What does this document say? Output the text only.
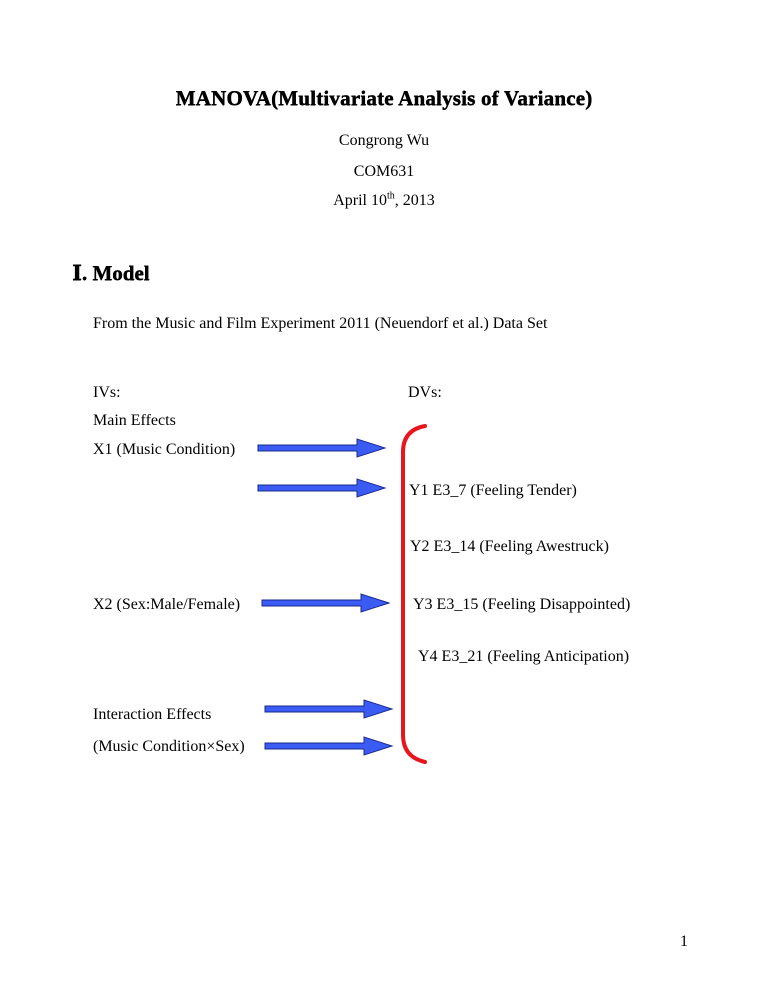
MANOVA(Multivariate Analysis of Variance)
Congrong Wu
COM631
April 10th, 2013
Ⅰ. Model
From the Music and Film Experiment 2011 (Neuendorf et al.) Data Set
IVs:	DVs:
Main Effects
X1 (Music Condition)
X2 (Sex:Male/Female)
Interaction Effects
(Music Condition×Sex)
Y1 E3_7 (Feeling Tender)
Y2 E3_14 (Feeling Awestruck)
Y3 E3_15 (Feeling Disappointed)
Y4 E3_21 (Feeling Anticipation)
1
